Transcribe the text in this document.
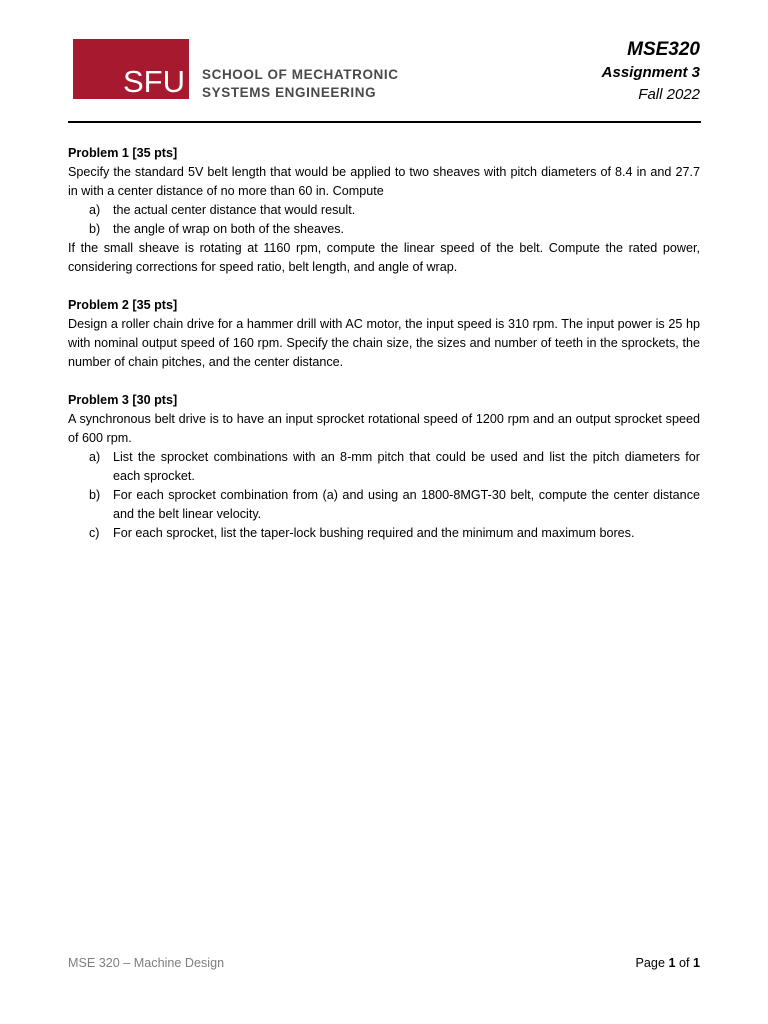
SFU SCHOOL OF MECHATRONIC
SYSTEMS ENGINEERING
MSE320
Assignment 3
Fall 2022
Problem 1 [35 pts]

Specify the standard 5V belt length that would be applied to two sheaves with pitch diameters of 8.4 in and 27.7 in with a center distance of no more than 60 in. Compute

a) the actual center distance that would result.
b) the angle of wrap on both of the sheaves.

If the small sheave is rotating at 1160 rpm, compute the linear speed of the belt. Compute the rated power, considering corrections for speed ratio, belt length, and angle of wrap.

Problem 2 [35 pts]

Design a roller chain drive for a hammer drill with AC motor, the input speed is 310 rpm. The input power is 25 hp with nominal output speed of 160 rpm. Specify the chain size, the sizes and number of teeth in the sprockets, the number of chain pitches, and the center distance.

Problem 3 [30 pts]

A synchronous belt drive is to have an input sprocket rotational speed of 1200 rpm and an output sprocket speed of 600 rpm.

a) List the sprocket combinations with an 8-mm pitch that could be used and list the pitch diameters for each sprocket.
b) For each sprocket combination from (a) and using an 1800-8MGT-30 belt, compute the center distance and the belt linear velocity.
c) For each sprocket, list the taper-lock bushing required and the minimum and maximum bores.
MSE 320 – Machine Design	Page 1 of 1
